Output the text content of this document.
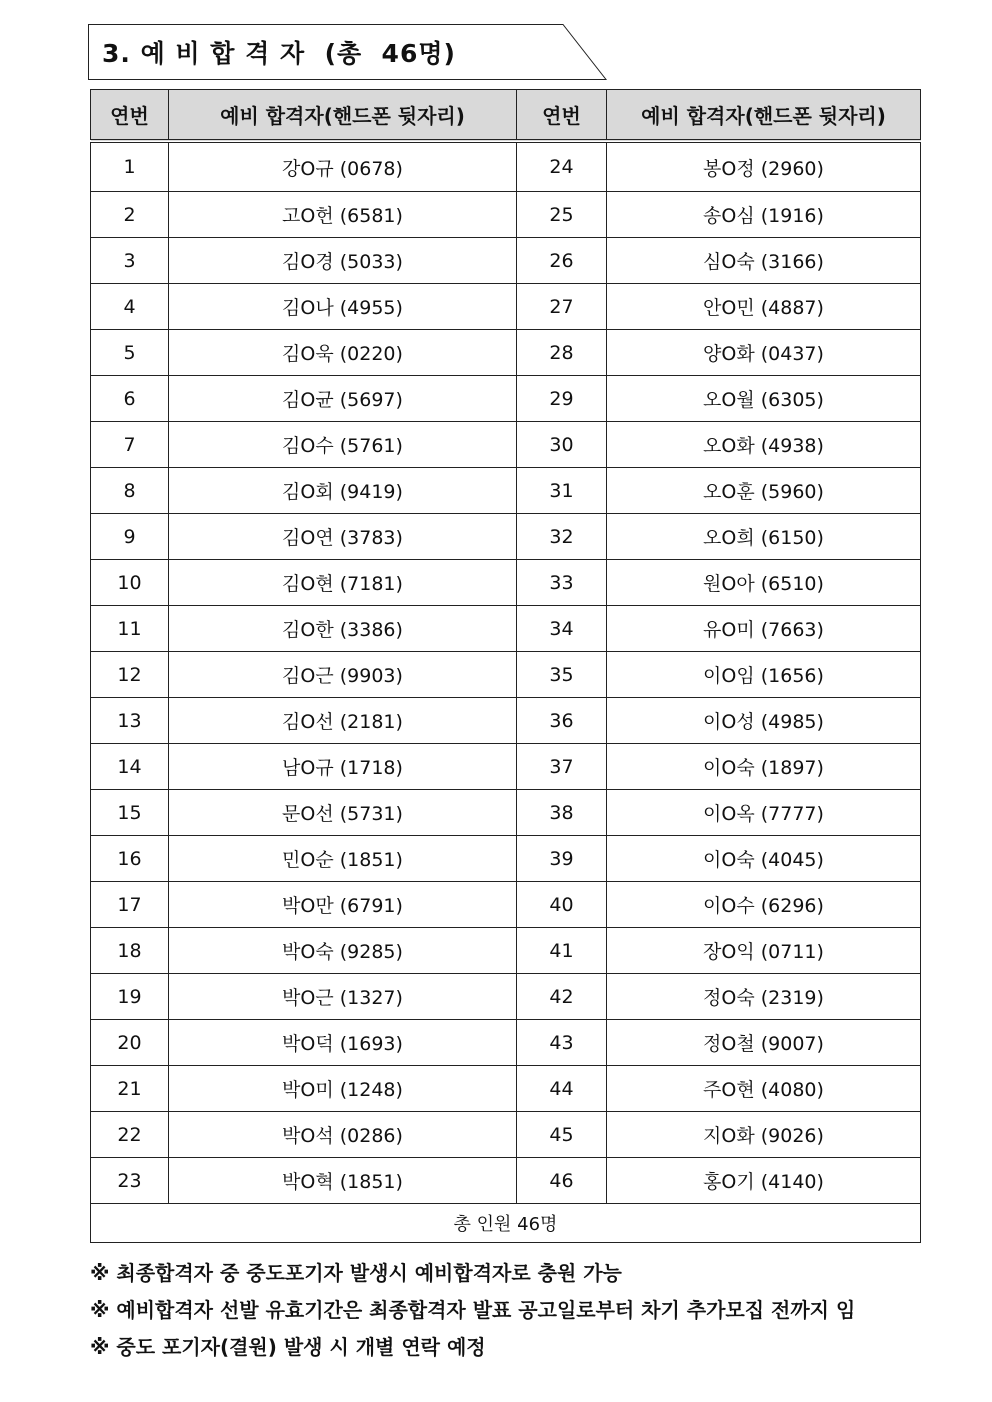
3. 예 비 합 격 자  (총  46명)
연번	예비 합격자(핸드폰 뒷자리)	연번	예비 합격자(핸드폰 뒷자리)
1	강O규 (0678)	24	봉O정 (2960)
2	고O헌 (6581)	25	송O심 (1916)
3	김O경 (5033)	26	심O숙 (3166)
4	김O나 (4955)	27	안O민 (4887)
5	김O욱 (0220)	28	양O화 (0437)
6	김O균 (5697)	29	오O월 (6305)
7	김O수 (5761)	30	오O화 (4938)
8	김O회 (9419)	31	오O훈 (5960)
9	김O연 (3783)	32	오O희 (6150)
10	김O현 (7181)	33	원O아 (6510)
11	김O한 (3386)	34	유O미 (7663)
12	김O근 (9903)	35	이O임 (1656)
13	김O선 (2181)	36	이O성 (4985)
14	남O규 (1718)	37	이O숙 (1897)
15	문O선 (5731)	38	이O옥 (7777)
16	민O순 (1851)	39	이O숙 (4045)
17	박O만 (6791)	40	이O수 (6296)
18	박O숙 (9285)	41	장O익 (0711)
19	박O근 (1327)	42	정O숙 (2319)
20	박O덕 (1693)	43	정O철 (9007)
21	박O미 (1248)	44	주O현 (4080)
22	박O석 (0286)	45	지O화 (9026)
23	박O혁 (1851)	46	홍O기 (4140)
총 인원 46명			
※ 최종합격자 중 중도포기자 발생시 예비합격자로 충원 가능
※ 예비합격자 선발 유효기간은 최종합격자 발표 공고일로부터 차기 추가모집 전까지 임
※ 중도 포기자(결원) 발생 시 개별 연락 예정
